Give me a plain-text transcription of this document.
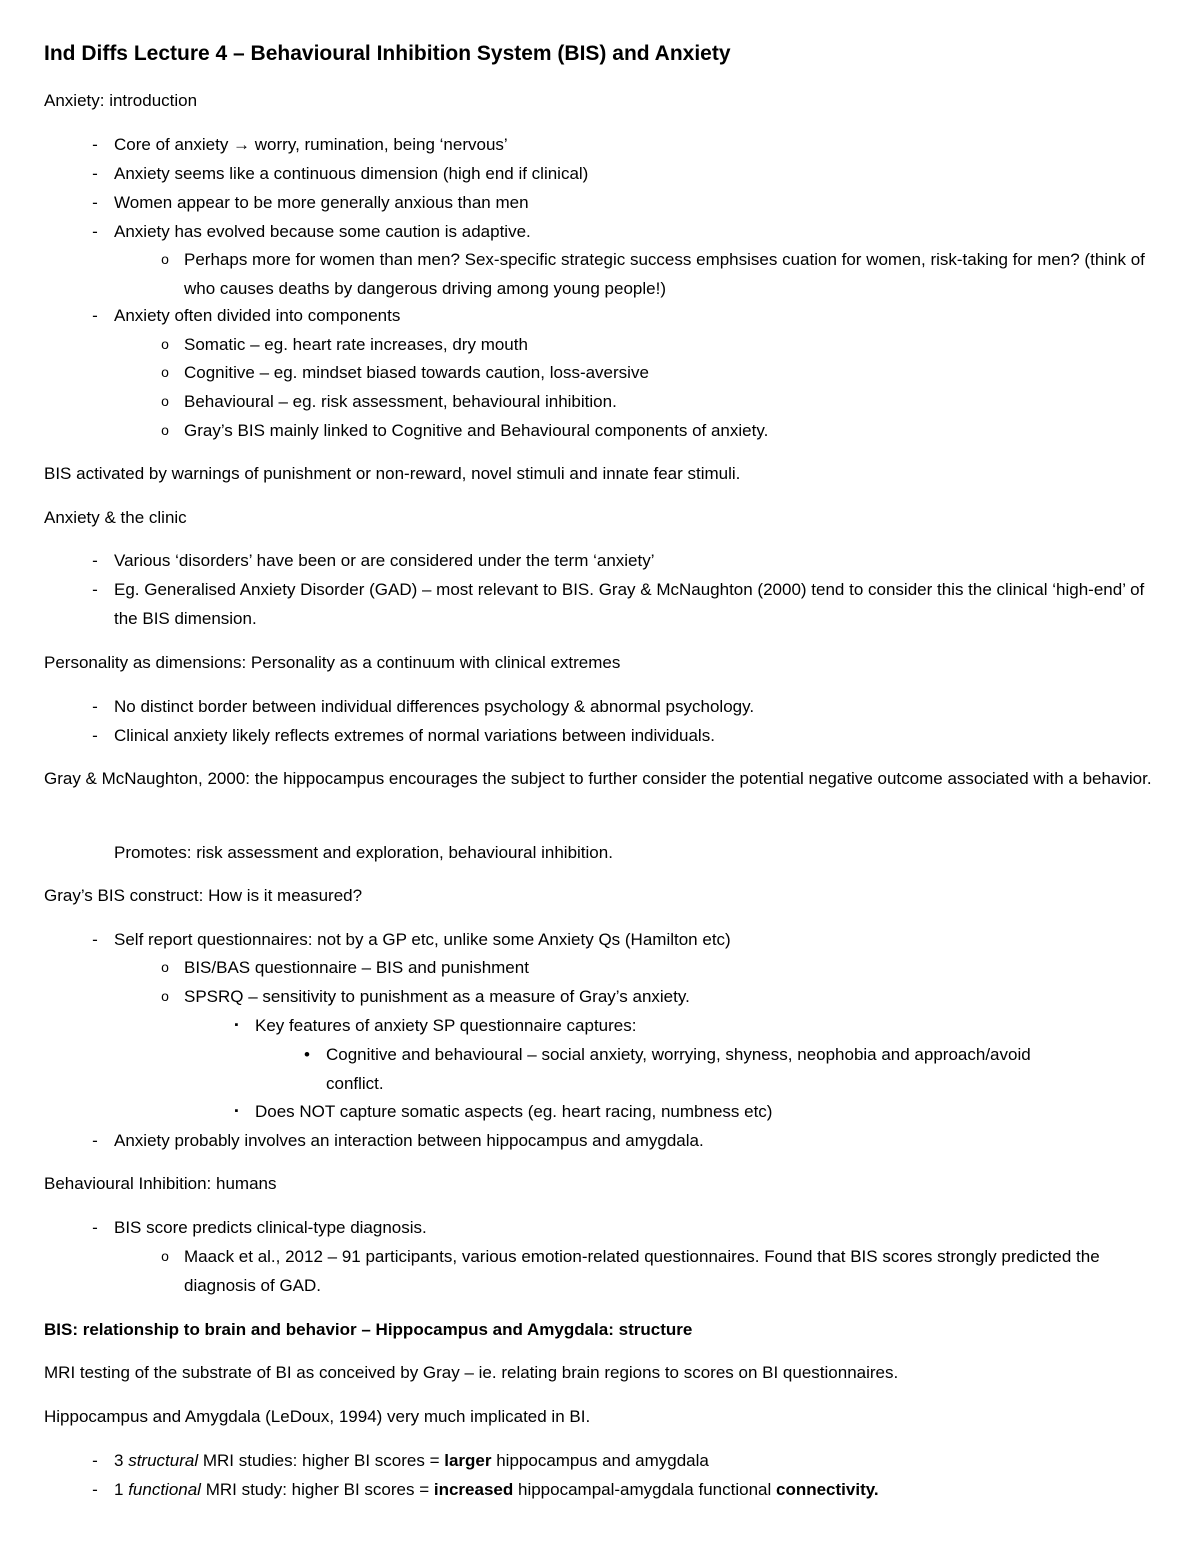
Ind Diffs Lecture 4 – Behavioural Inhibition System (BIS) and Anxiety
Anxiety: introduction
- Core of anxiety → worry, rumination, being ‘nervous’
- Anxiety seems like a continuous dimension (high end if clinical)
- Women appear to be more generally anxious than men
- Anxiety has evolved because some caution is adaptive.
o Perhaps more for women than men? Sex-specific strategic success emphsises cuation for women, risk-taking for men? (think of who causes deaths by dangerous driving among young people!)
- Anxiety often divided into components
o Somatic – eg. heart rate increases, dry mouth
o Cognitive – eg. mindset biased towards caution, loss-aversive
o Behavioural – eg. risk assessment, behavioural inhibition.
o Gray’s BIS mainly linked to Cognitive and Behavioural components of anxiety.
BIS activated by warnings of punishment or non-reward, novel stimuli and innate fear stimuli.
Anxiety & the clinic
- Various ‘disorders’ have been or are considered under the term ‘anxiety’
- Eg. Generalised Anxiety Disorder (GAD) – most relevant to BIS. Gray & McNaughton (2000) tend to consider this the clinical ‘high-end’ of the BIS dimension.
Personality as dimensions: Personality as a continuum with clinical extremes
- No distinct border between individual differences psychology & abnormal psychology.
- Clinical anxiety likely reflects extremes of normal variations between individuals.
Gray & McNaughton, 2000: the hippocampus encourages the subject to further consider the potential negative outcome associated with a behavior.
Promotes: risk assessment and exploration, behavioural inhibition.
Gray’s BIS construct: How is it measured?
- Self report questionnaires: not by a GP etc, unlike some Anxiety Qs (Hamilton etc)
o BIS/BAS questionnaire – BIS and punishment
o SPSRQ – sensitivity to punishment as a measure of Gray’s anxiety.
▪ Key features of anxiety SP questionnaire captures:
• Cognitive and behavioural – social anxiety, worrying, shyness, neophobia and approach/avoid conflict.
▪ Does NOT capture somatic aspects (eg. heart racing, numbness etc)
- Anxiety probably involves an interaction between hippocampus and amygdala.
Behavioural Inhibition: humans
- BIS score predicts clinical-type diagnosis.
o Maack et al., 2012 – 91 participants, various emotion-related questionnaires. Found that BIS scores strongly predicted the diagnosis of GAD.
BIS: relationship to brain and behavior – Hippocampus and Amygdala: structure
MRI testing of the substrate of BI as conceived by Gray – ie. relating brain regions to scores on BI questionnaires.
Hippocampus and Amygdala (LeDoux, 1994) very much implicated in BI.
- 3 structural MRI studies: higher BI scores = larger hippocampus and amygdala
- 1 functional MRI study: higher BI scores = increased hippocampal-amygdala functional connectivity.
